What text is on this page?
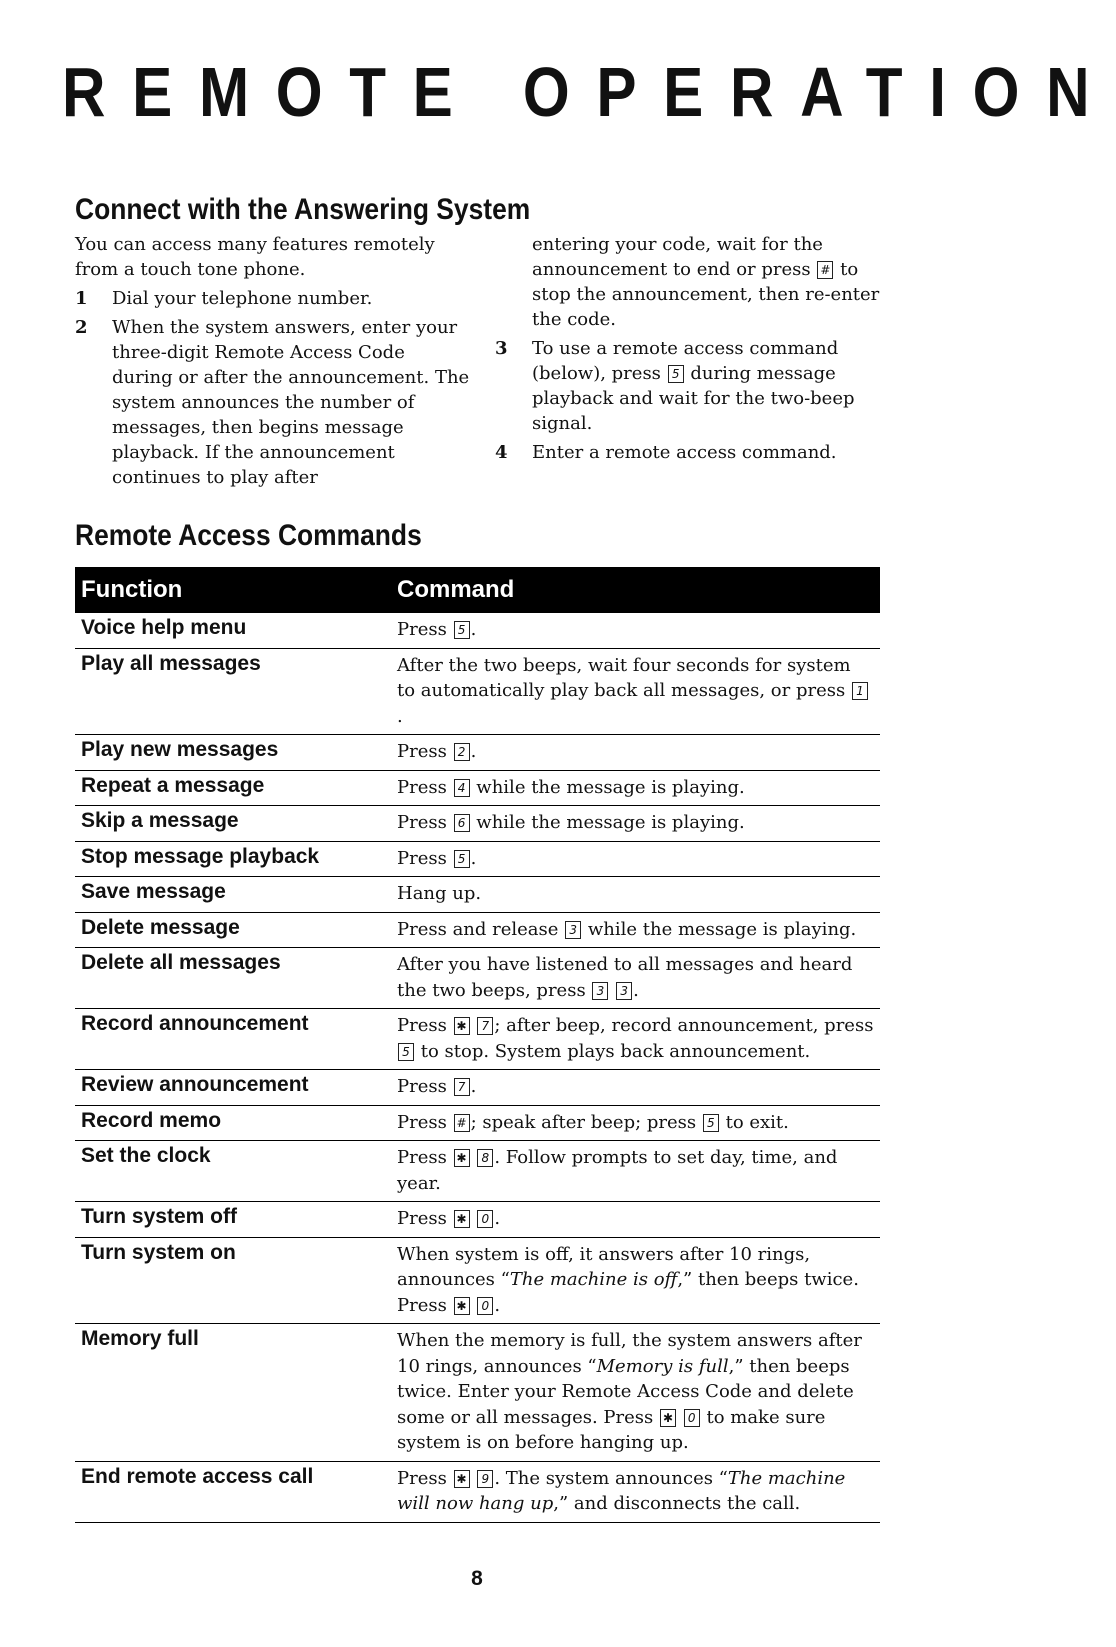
REMOTE OPERATION
Connect with the Answering System

You can access many features remotely from a touch tone phone.

1 Dial your telephone number.
2 When the system answers, enter your three-digit Remote Access Code during or after the announcement. The system announces the number of messages, then begins message playback. If the announcement continues to play after
entering your code, wait for the announcement to end or press # to stop the announcement, then re-enter the code.
3 To use a remote access command (below), press 5 during message playback and wait for the two-beep signal.
4 Enter a remote access command.
Remote Access Commands
Function	Command
Voice help menu	Press 5 .
Play all messages	After the two beeps, wait four seconds for system to automatically play back all messages, or press 1.
Play new messages	Press 2 .
Repeat a message	Press 4 while the message is playing.
Skip a message	Press 6 while the message is playing.
Stop message playback	Press 5 .
Save message	Hang up.
Delete message	Press and release 3 while the message is playing.
Delete all messages	After you have listened to all messages and heard the two beeps, press 3 3 .
Record announcement	Press ✱ 7 ; after beep, record announcement, press 5 to stop. System plays back announcement.
Review announcement	Press 7 .
Record memo	Press # ; speak after beep; press 5 to exit.
Set the clock	Press ✱ 8 . Follow prompts to set day, time, and year.
Turn system off	Press ✱ 0 .
Turn system on	When system is off, it answers after 10 rings, announces “The machine is off,” then beeps twice. Press ✱ 0 .
Memory full	When the memory is full, the system answers after 10 rings, announces “Memory is full,” then beeps twice. Enter your Remote Access Code and delete some or all messages. Press ✱ 0 to make sure system is on before hanging up.
End remote access call	Press ✱ 9 . The system announces “The machine will now hang up,” and disconnects the call.
8
